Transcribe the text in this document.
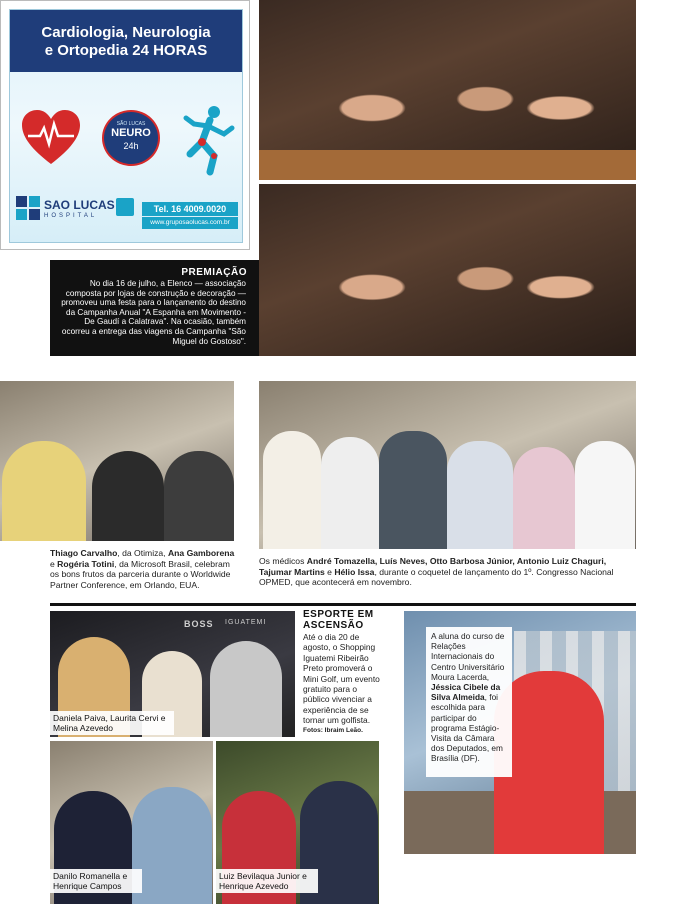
Cardiologia, Neurologia
e Ortopedia 24 HORAS
SÃO LUCAS
NEURO
24h
SAO LUCAS
HOSPITAL
Tel. 16 4009.0020
www.gruposaolucas.com.br
PREMIAÇÃO
No dia 16 de julho, a Elenco — associação composta por lojas de construção e decoração — promoveu uma festa para o lançamento do destino da Campanha Anual "A Espanha em Movimento - De Gaudí a Calatrava". Na ocasião, também ocorreu a entrega das viagens da Campanha "São Miguel do Gostoso".
Thiago Carvalho, da Otimiza, Ana Gamborena e Rogéria Totini, da Microsoft Brasil, celebram os bons frutos da parceria durante o Worldwide Partner Conference, em Orlando, EUA.
Os médicos André Tomazella, Luís Neves, Otto Barbosa Júnior, Antonio Luiz Chaguri, Tajumar Martins e Hélio Issa, durante o coquetel de lançamento do 1º. Congresso Nacional OPMED, que acontecerá em novembro.
BOSS IGUATEMI
Daniela Paiva, Laurita Cervi e Melina Azevedo
ESPORTE EM
ASCENSÃO
Até o dia 20 de agosto, o Shopping Iguatemi Ribeirão Preto promoverá o Mini Golf, um evento gratuito para o público vivenciar a experiência de se tornar um golfista.
Fotos: Ibraim Leão.
Danilo Romanella e Henrique Campos
Luiz Bevilaqua Junior e Henrique Azevedo
A aluna do curso de Relações Internacionais do Centro Universitário Moura Lacerda, Jéssica Cibele da Silva Almeida, foi escolhida para participar do programa Estágio-Visita da Câmara dos Deputados, em Brasília (DF).
